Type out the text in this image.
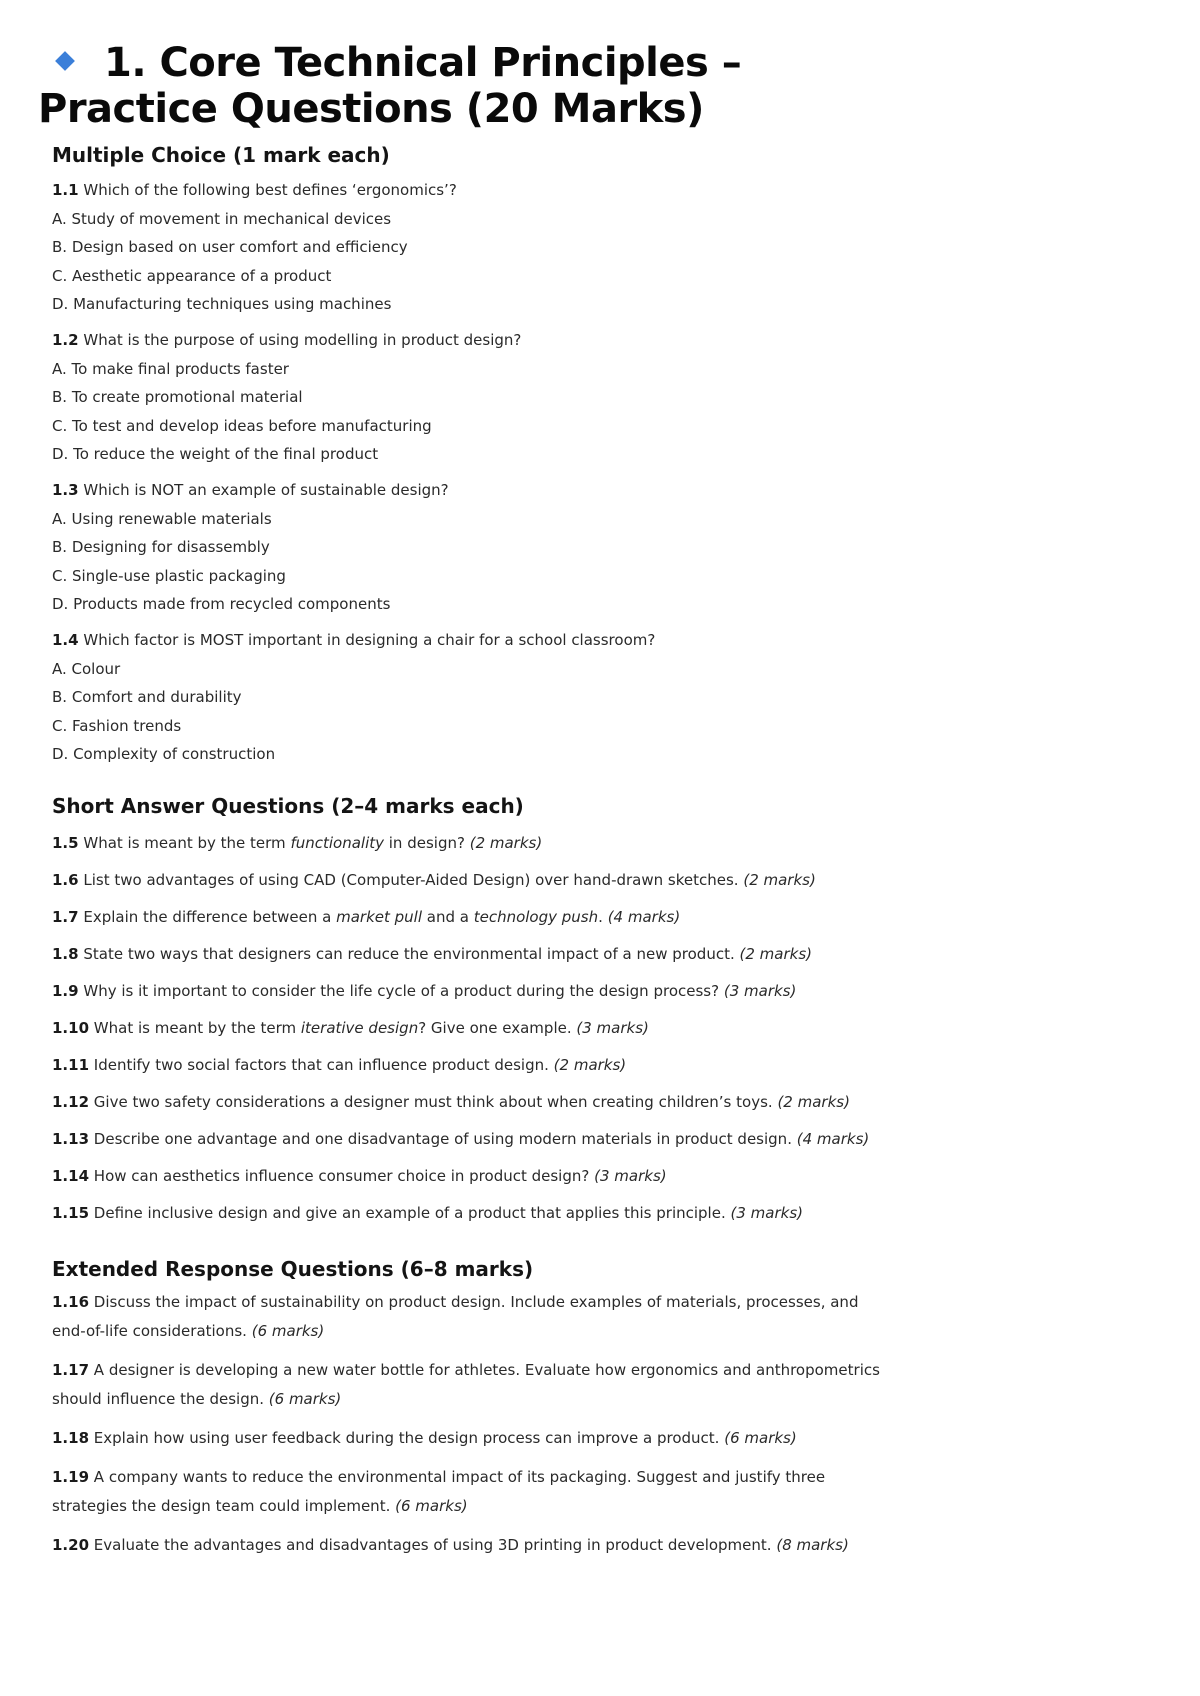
1. Core Technical Principles – Practice Questions (20 Marks)
Multiple Choice (1 mark each)

1.1 Which of the following best defines ‘ergonomics’?

A. Study of movement in mechanical devices

B. Design based on user comfort and efficiency

C. Aesthetic appearance of a product

D. Manufacturing techniques using machines

1.2 What is the purpose of using modelling in product design?

A. To make final products faster

B. To create promotional material

C. To test and develop ideas before manufacturing

D. To reduce the weight of the final product

1.3 Which is NOT an example of sustainable design?

A. Using renewable materials

B. Designing for disassembly

C. Single-use plastic packaging

D. Products made from recycled components

1.4 Which factor is MOST important in designing a chair for a school classroom?

A. Colour

B. Comfort and durability

C. Fashion trends

D. Complexity of construction

Short Answer Questions (2–4 marks each)

1.5 What is meant by the term functionality in design? (2 marks)

1.6 List two advantages of using CAD (Computer-Aided Design) over hand-drawn sketches. (2 marks)

1.7 Explain the difference between a market pull and a technology push. (4 marks)

1.8 State two ways that designers can reduce the environmental impact of a new product. (2 marks)

1.9 Why is it important to consider the life cycle of a product during the design process? (3 marks)

1.10 What is meant by the term iterative design? Give one example. (3 marks)

1.11 Identify two social factors that can influence product design. (2 marks)

1.12 Give two safety considerations a designer must think about when creating children’s toys. (2 marks)

1.13 Describe one advantage and one disadvantage of using modern materials in product design. (4 marks)

1.14 How can aesthetics influence consumer choice in product design? (3 marks)

1.15 Define inclusive design and give an example of a product that applies this principle. (3 marks)

Extended Response Questions (6–8 marks)

1.16 Discuss the impact of sustainability on product design. Include examples of materials, processes, and
end-of-life considerations. (6 marks)

1.17 A designer is developing a new water bottle for athletes. Evaluate how ergonomics and anthropometrics
should influence the design. (6 marks)

1.18 Explain how using user feedback during the design process can improve a product. (6 marks)

1.19 A company wants to reduce the environmental impact of its packaging. Suggest and justify three
strategies the design team could implement. (6 marks)

1.20 Evaluate the advantages and disadvantages of using 3D printing in product development. (8 marks)
